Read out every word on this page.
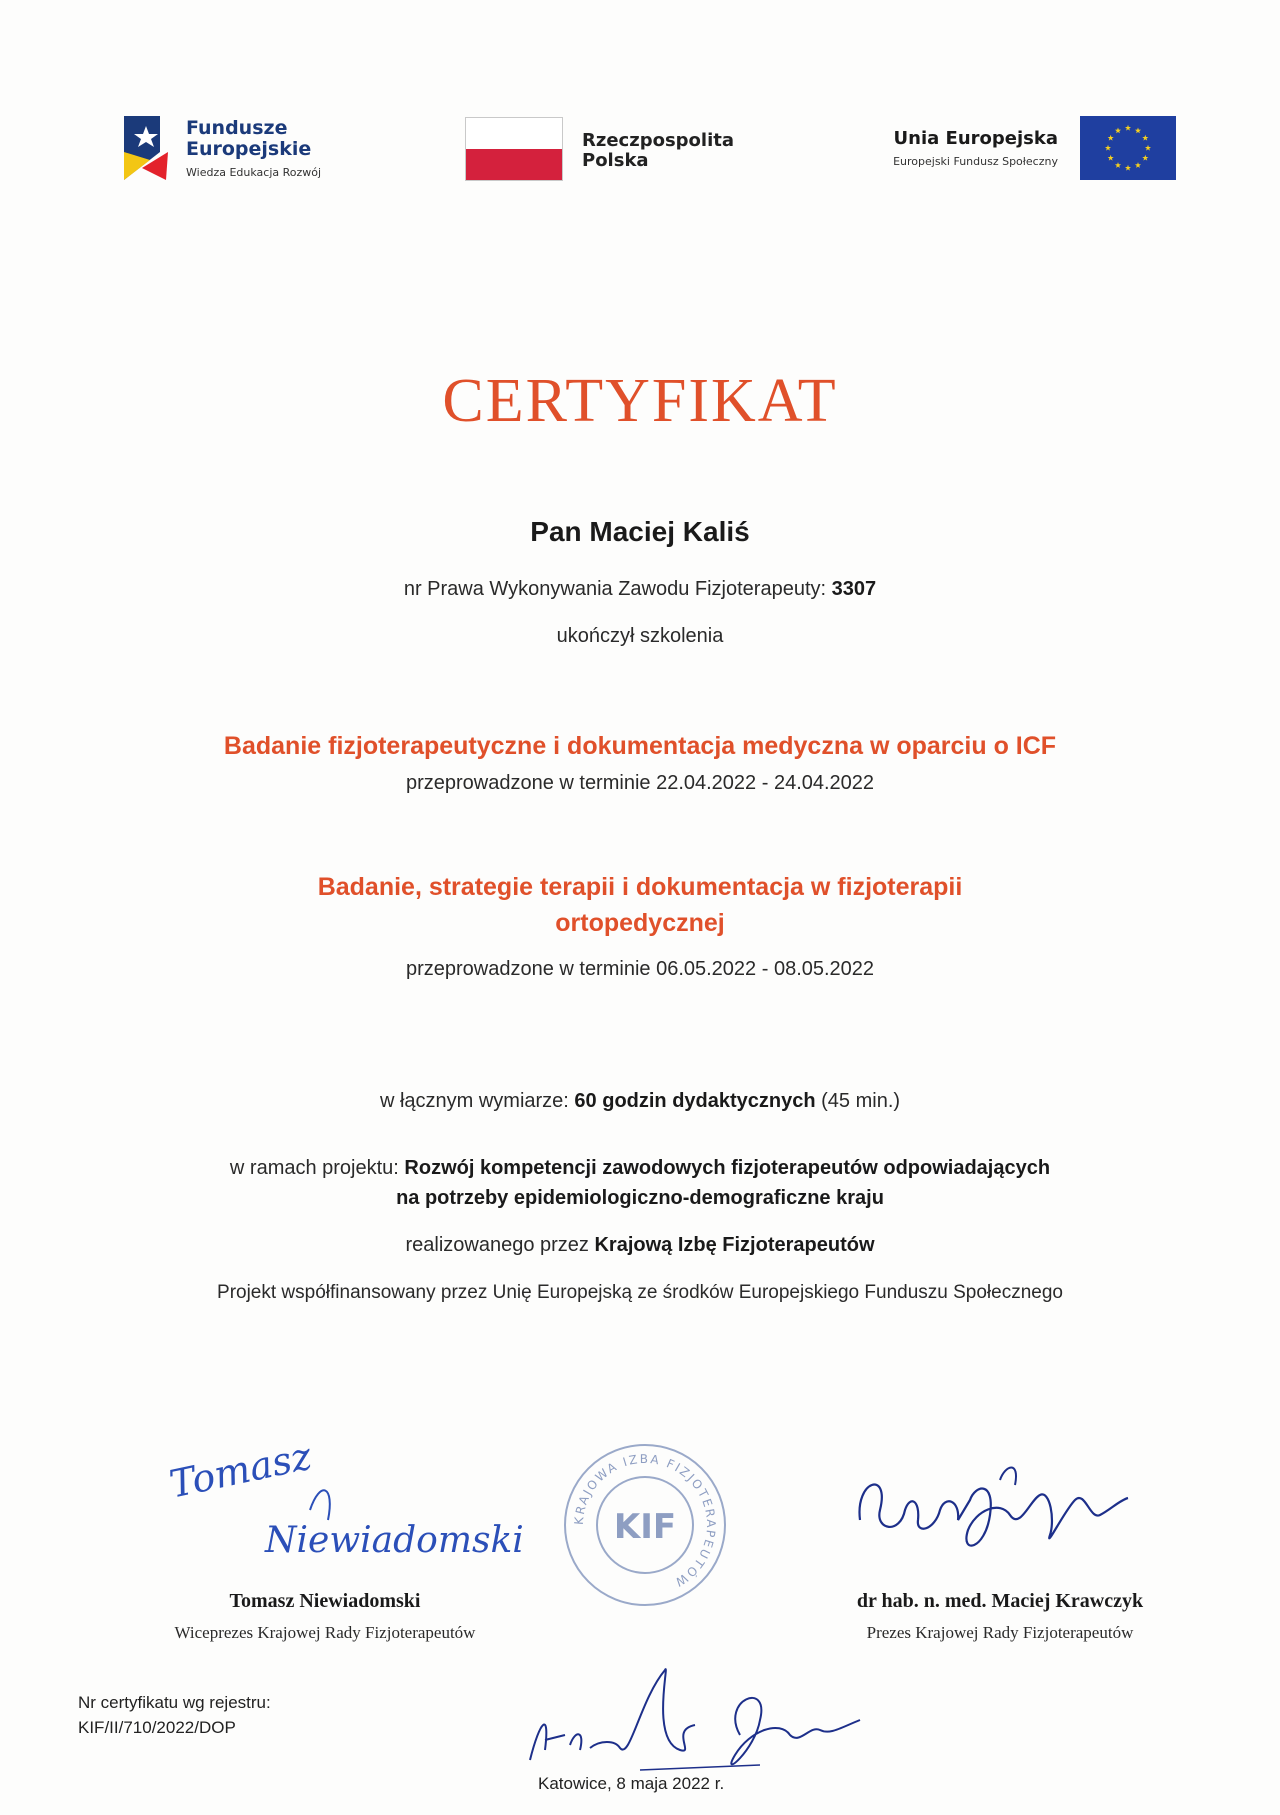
Fundusze
Europejskie
Wiedza Edukacja Rozwój
Rzeczpospolita
Polska
Unia Europejska
Europejski Fundusz Społeczny
CERTYFIKAT
Pan Maciej Kaliś
nr Prawa Wykonywania Zawodu Fizjoterapeuty: 3307
ukończył szkolenia
Badanie fizjoterapeutyczne i dokumentacja medyczna w oparciu o ICF
przeprowadzone w terminie 22.04.2022 - 24.04.2022
Badanie, strategie terapii i dokumentacja w fizjoterapii
ortopedycznej
przeprowadzone w terminie 06.05.2022 - 08.05.2022
w łącznym wymiarze: 60 godzin dydaktycznych (45 min.)
w ramach projektu: Rozwój kompetencji zawodowych fizjoterapeutów odpowiadających
na potrzeby epidemiologiczno-demograficzne kraju
realizowanego przez Krajową Izbę Fizjoterapeutów
Projekt współfinansowany przez Unię Europejską ze środków Europejskiego Funduszu Społecznego
Tomasz
Niewiadomski
KRAJOWA IZBA FIZJOTERAPEUTÓW
KIF
Tomasz Niewiadomski
Wiceprezes Krajowej Rady Fizjoterapeutów
dr hab. n. med. Maciej Krawczyk
Prezes Krajowej Rady Fizjoterapeutów
Nr certyfikatu wg rejestru:
KIF/II/710/2022/DOP
Katowice, 8 maja 2022 r.
